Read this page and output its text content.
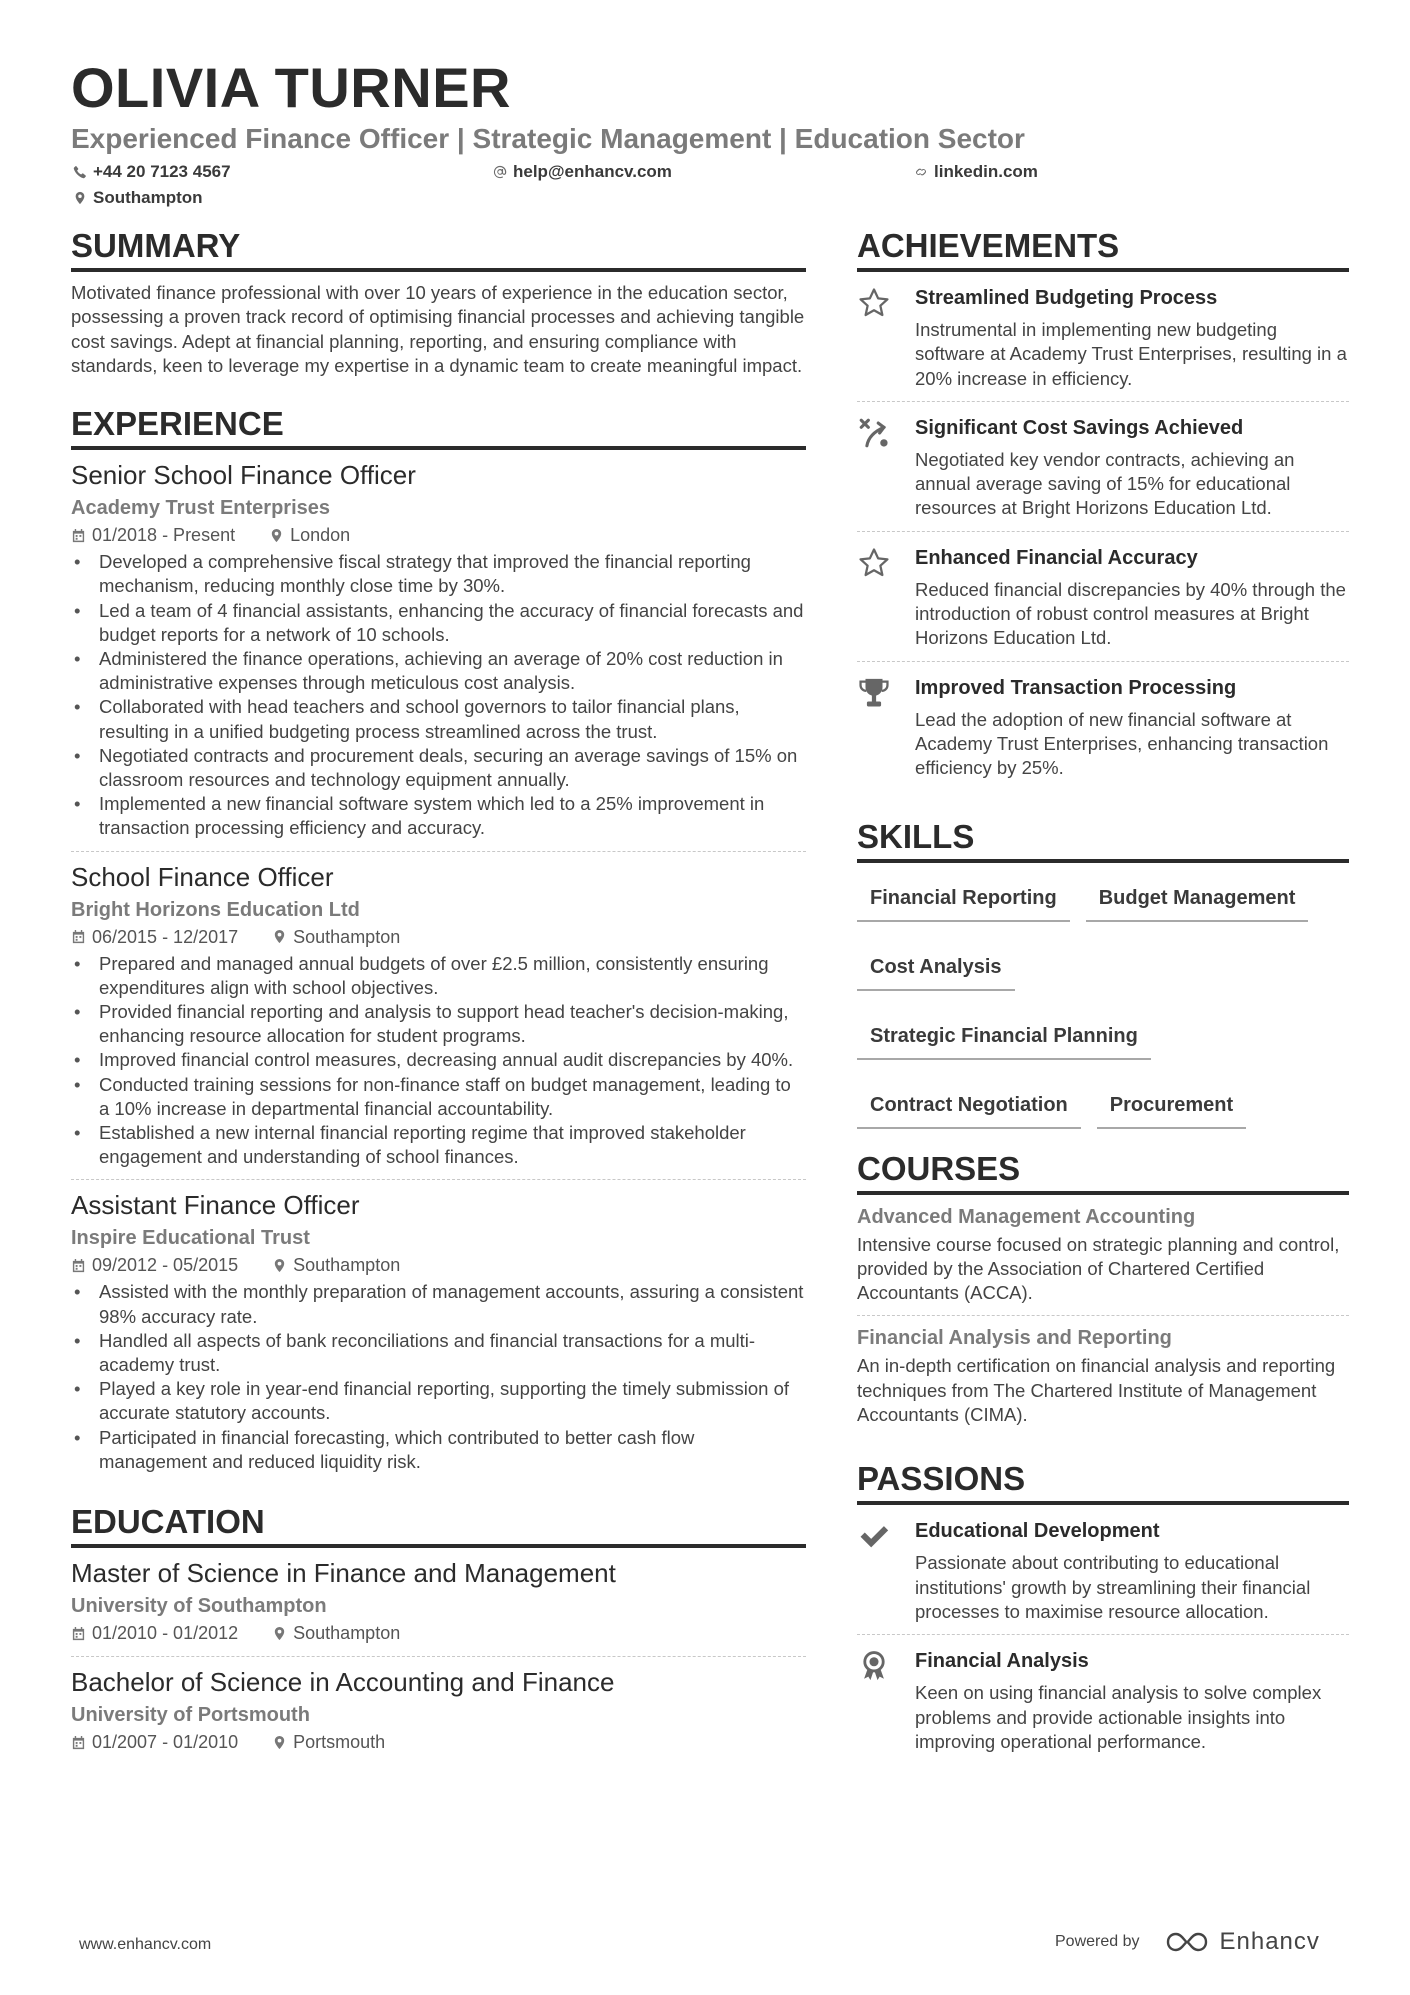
OLIVIA TURNER
Experienced Finance Officer | Strategic Management | Education Sector
+44 20 7123 4567	help@enhancv.com	linkedin.com
Southampton
SUMMARY
Motivated finance professional with over 10 years of experience in the education sector, possessing a proven track record of optimising financial processes and achieving tangible cost savings. Adept at financial planning, reporting, and ensuring compliance with standards, keen to leverage my expertise in a dynamic team to create meaningful impact.
EXPERIENCE
Senior School Finance Officer
Academy Trust Enterprises
01/2018 - Present	London
• Developed a comprehensive fiscal strategy that improved the financial reporting mechanism, reducing monthly close time by 30%.
• Led a team of 4 financial assistants, enhancing the accuracy of financial forecasts and budget reports for a network of 10 schools.
• Administered the finance operations, achieving an average of 20% cost reduction in administrative expenses through meticulous cost analysis.
• Collaborated with head teachers and school governors to tailor financial plans, resulting in a unified budgeting process streamlined across the trust.
• Negotiated contracts and procurement deals, securing an average savings of 15% on classroom resources and technology equipment annually.
• Implemented a new financial software system which led to a 25% improvement in transaction processing efficiency and accuracy.
School Finance Officer
Bright Horizons Education Ltd
06/2015 - 12/2017	Southampton
• Prepared and managed annual budgets of over £2.5 million, consistently ensuring expenditures align with school objectives.
• Provided financial reporting and analysis to support head teacher's decision-making, enhancing resource allocation for student programs.
• Improved financial control measures, decreasing annual audit discrepancies by 40%.
• Conducted training sessions for non-finance staff on budget management, leading to a 10% increase in departmental financial accountability.
• Established a new internal financial reporting regime that improved stakeholder engagement and understanding of school finances.
Assistant Finance Officer
Inspire Educational Trust
09/2012 - 05/2015	Southampton
• Assisted with the monthly preparation of management accounts, assuring a consistent 98% accuracy rate.
• Handled all aspects of bank reconciliations and financial transactions for a multi-academy trust.
• Played a key role in year-end financial reporting, supporting the timely submission of accurate statutory accounts.
• Participated in financial forecasting, which contributed to better cash flow management and reduced liquidity risk.
EDUCATION
Master of Science in Finance and Management
University of Southampton
01/2010 - 01/2012	Southampton
Bachelor of Science in Accounting and Finance
University of Portsmouth
01/2007 - 01/2010	Portsmouth
ACHIEVEMENTS
Streamlined Budgeting Process
Instrumental in implementing new budgeting software at Academy Trust Enterprises, resulting in a 20% increase in efficiency.
Significant Cost Savings Achieved
Negotiated key vendor contracts, achieving an annual average saving of 15% for educational resources at Bright Horizons Education Ltd.
Enhanced Financial Accuracy
Reduced financial discrepancies by 40% through the introduction of robust control measures at Bright Horizons Education Ltd.
Improved Transaction Processing
Lead the adoption of new financial software at Academy Trust Enterprises, enhancing transaction efficiency by 25%.
SKILLS
Financial Reporting	Budget Management
Cost Analysis
Strategic Financial Planning
Contract Negotiation	Procurement
COURSES
Advanced Management Accounting
Intensive course focused on strategic planning and control, provided by the Association of Chartered Certified Accountants (ACCA).
Financial Analysis and Reporting
An in-depth certification on financial analysis and reporting techniques from The Chartered Institute of Management Accountants (CIMA).
PASSIONS
Educational Development
Passionate about contributing to educational institutions' growth by streamlining their financial processes to maximise resource allocation.
Financial Analysis
Keen on using financial analysis to solve complex problems and provide actionable insights into improving operational performance.
www.enhancv.com	Powered by	Enhancv
